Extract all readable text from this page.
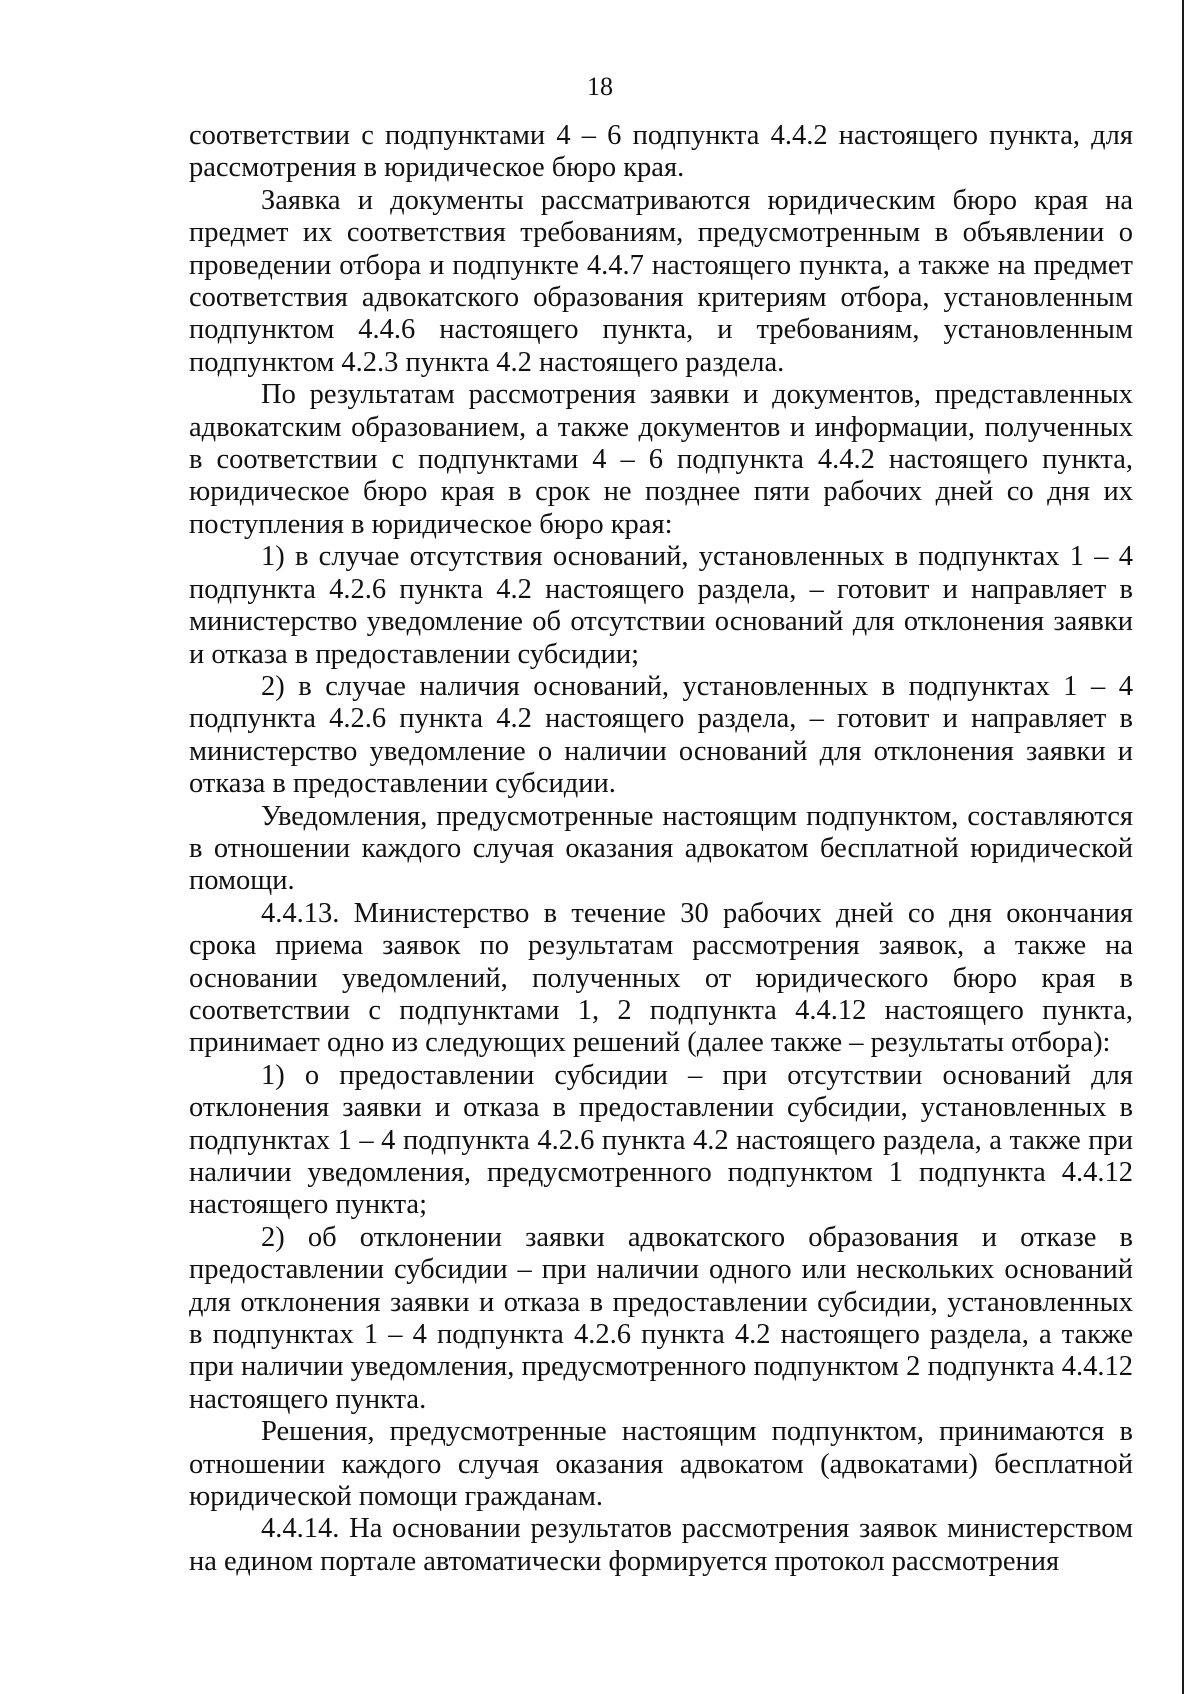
18

соответствии с подпунктами 4 – 6 подпункта 4.4.2 настоящего пункта, для рассмотрения в юридическое бюро края.

Заявка и документы рассматриваются юридическим бюро края на предмет их соответствия требованиям, предусмотренным в объявлении о проведении отбора и подпункте 4.4.7 настоящего пункта, а также на предмет соответствия адвокатского образования критериям отбора, установленным подпунктом 4.4.6 настоящего пункта, и требованиям, установленным подпунктом 4.2.3 пункта 4.2 настоящего раздела.

По результатам рассмотрения заявки и документов, представленных адвокатским образованием, а также документов и информации, полученных в соответствии с подпунктами 4 – 6 подпункта 4.4.2 настоящего пункта, юридическое бюро края в срок не позднее пяти рабочих дней со дня их поступления в юридическое бюро края:

1) в случае отсутствия оснований, установленных в подпунктах 1 – 4 подпункта 4.2.6 пункта 4.2 настоящего раздела, – готовит и направляет в министерство уведомление об отсутствии оснований для отклонения заявки и отказа в предоставлении субсидии;

2) в случае наличия оснований, установленных в подпунктах 1 – 4 подпункта 4.2.6 пункта 4.2 настоящего раздела, – готовит и направляет в министерство уведомление о наличии оснований для отклонения заявки и отказа в предоставлении субсидии.

Уведомления, предусмотренные настоящим подпунктом, составляются в отношении каждого случая оказания адвокатом бесплатной юридической помощи.

4.4.13. Министерство в течение 30 рабочих дней со дня окончания срока приема заявок по результатам рассмотрения заявок, а также на основании уведомлений, полученных от юридического бюро края в соответствии с подпунктами 1, 2 подпункта 4.4.12 настоящего пункта, принимает одно из следующих решений (далее также – результаты отбора):

1) о предоставлении субсидии – при отсутствии оснований для отклонения заявки и отказа в предоставлении субсидии, установленных в подпунктах 1 – 4 подпункта 4.2.6 пункта 4.2 настоящего раздела, а также при наличии уведомления, предусмотренного подпунктом 1 подпункта 4.4.12 настоящего пункта;

2) об отклонении заявки адвокатского образования и отказе в предоставлении субсидии – при наличии одного или нескольких оснований для отклонения заявки и отказа в предоставлении субсидии, установленных в подпунктах 1 – 4 подпункта 4.2.6 пункта 4.2 настоящего раздела, а также при наличии уведомления, предусмотренного подпунктом 2 подпункта 4.4.12 настоящего пункта.

Решения, предусмотренные настоящим подпунктом, принимаются в отношении каждого случая оказания адвокатом (адвокатами) бесплатной юридической помощи гражданам.

4.4.14. На основании результатов рассмотрения заявок министерством на едином портале автоматически формируется протокол рассмотрения
